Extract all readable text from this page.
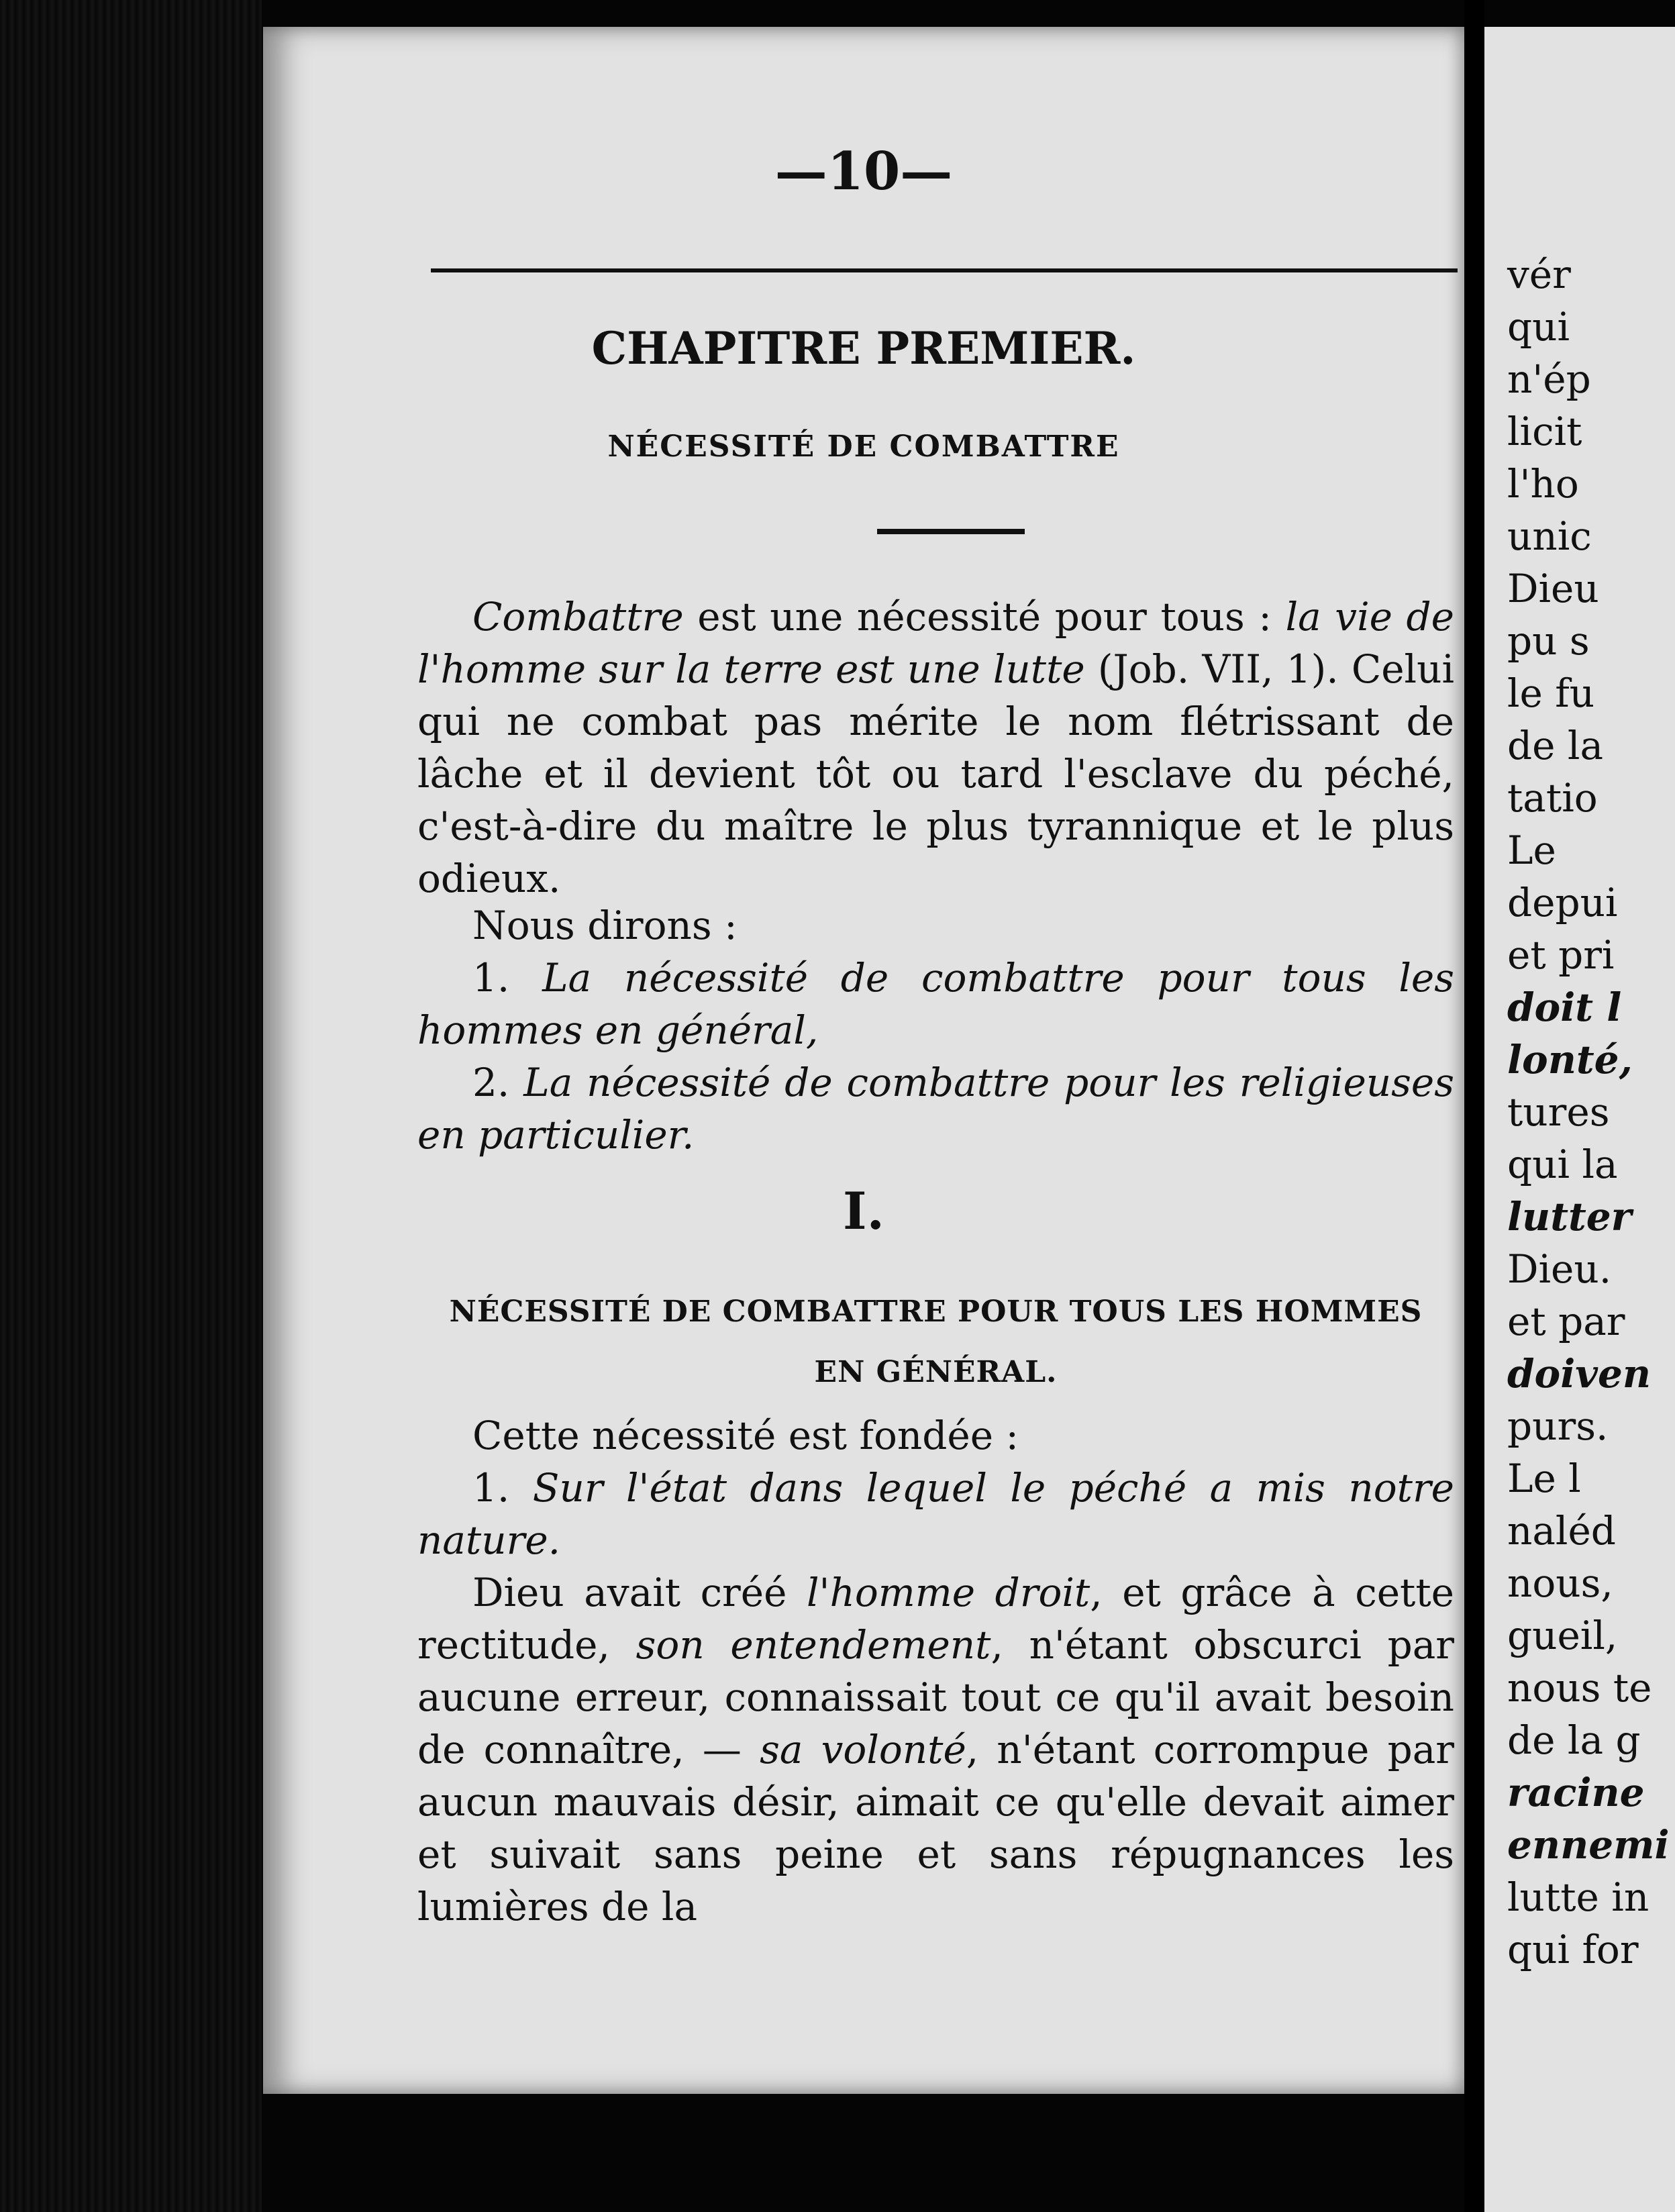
—10—
CHAPITRE PREMIER.
NÉCESSITÉ DE COMBATTRE

Combattre est une nécessité pour tous : la vie de l'homme sur la terre est une lutte (Job. VII, 1). Celui qui ne combat pas mérite le nom flétrissant de lâche et il devient tôt ou tard l'esclave du péché, c'est-à-dire du maître le plus tyrannique et le plus odieux.

Nous dirons :

1. La nécessité de combattre pour tous les hommes en général,

2. La nécessité de combattre pour les religieuses en particulier.

I.
NÉCESSITÉ DE COMBATTRE POUR TOUS LES HOMMES
EN GÉNÉRAL.

Cette nécessité est fondée :

1. Sur l'état dans lequel le péché a mis notre nature.

Dieu avait créé l'homme droit, et grâce à cette rectitude, son entendement, n'étant obscurci par aucune erreur, connaissait tout ce qu'il avait besoin de connaître, — sa volonté, n'étant corrompue par aucun mauvais désir, aimait ce qu'elle devait aimer et suivait sans peine et sans répugnances les lumières de la

vér
qui
n'ép
licit
l'ho
unic
Dieu
pu s
le fu
de la
tatio
Le
depui
et pri
doit l
lonté,
tures
qui la
lutter
Dieu.
et par
doiven
purs.
Le l
naléd
nous,
gueil,
nous te
de la g
racine
ennemi
lutte in
qui for
